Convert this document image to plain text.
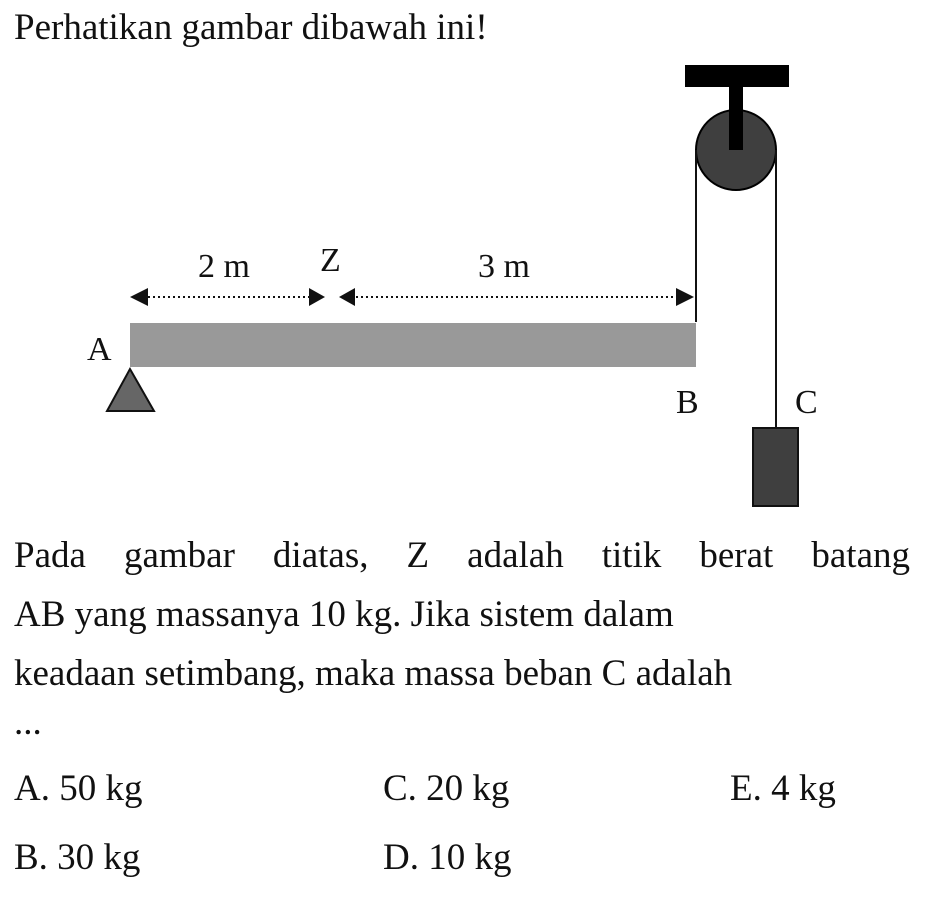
Perhatikan gambar dibawah ini!
2 m Z	3 m
A
B	C
Pada gambar diatas, Z adalah titik berat batang
AB yang massanya 10 kg. Jika sistem dalam
keadaan setimbang, maka massa beban C adalah
...
A. 50 kg	C. 20 kg	E. 4 kg
B. 30 kg	D. 10 kg
